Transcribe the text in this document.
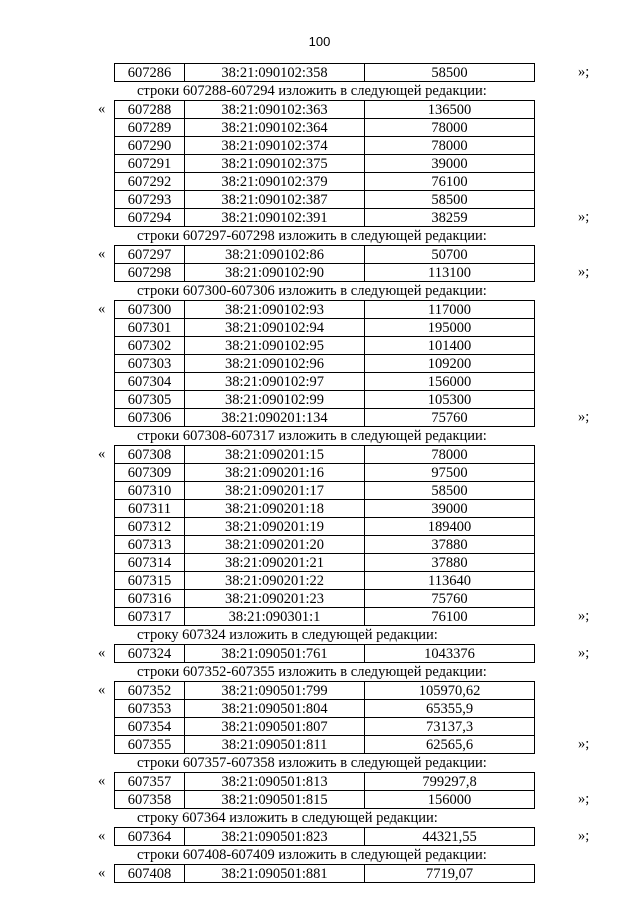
100
607286	38:21:090102:358	58500	»;
строки 607288-607294 изложить в следующей редакции:
« 607288	38:21:090102:363	136500
607289	38:21:090102:364	78000
607290	38:21:090102:374	78000
607291	38:21:090102:375	39000
607292	38:21:090102:379	76100
607293	38:21:090102:387	58500
607294	38:21:090102:391	38259	»;
строки 607297-607298 изложить в следующей редакции:
« 607297	38:21:090102:86	50700
607298	38:21:090102:90	113100	»;
строки 607300-607306 изложить в следующей редакции:
« 607300	38:21:090102:93	117000
607301	38:21:090102:94	195000
607302	38:21:090102:95	101400
607303	38:21:090102:96	109200
607304	38:21:090102:97	156000
607305	38:21:090102:99	105300
607306	38:21:090201:134	75760	»;
строки 607308-607317 изложить в следующей редакции:
« 607308	38:21:090201:15	78000
607309	38:21:090201:16	97500
607310	38:21:090201:17	58500
607311	38:21:090201:18	39000
607312	38:21:090201:19	189400
607313	38:21:090201:20	37880
607314	38:21:090201:21	37880
607315	38:21:090201:22	113640
607316	38:21:090201:23	75760
607317	38:21:090301:1	76100	»;
строку 607324 изложить в следующей редакции:
« 607324	38:21:090501:761	1043376	»;
строки 607352-607355 изложить в следующей редакции:
« 607352	38:21:090501:799	105970,62
607353	38:21:090501:804	65355,9
607354	38:21:090501:807	73137,3
607355	38:21:090501:811	62565,6	»;
строки 607357-607358 изложить в следующей редакции:
« 607357	38:21:090501:813	799297,8
607358	38:21:090501:815	156000	»;
строку 607364 изложить в следующей редакции:
« 607364	38:21:090501:823	44321,55	»;
строки 607408-607409 изложить в следующей редакции:
« 607408	38:21:090501:881	7719,07
